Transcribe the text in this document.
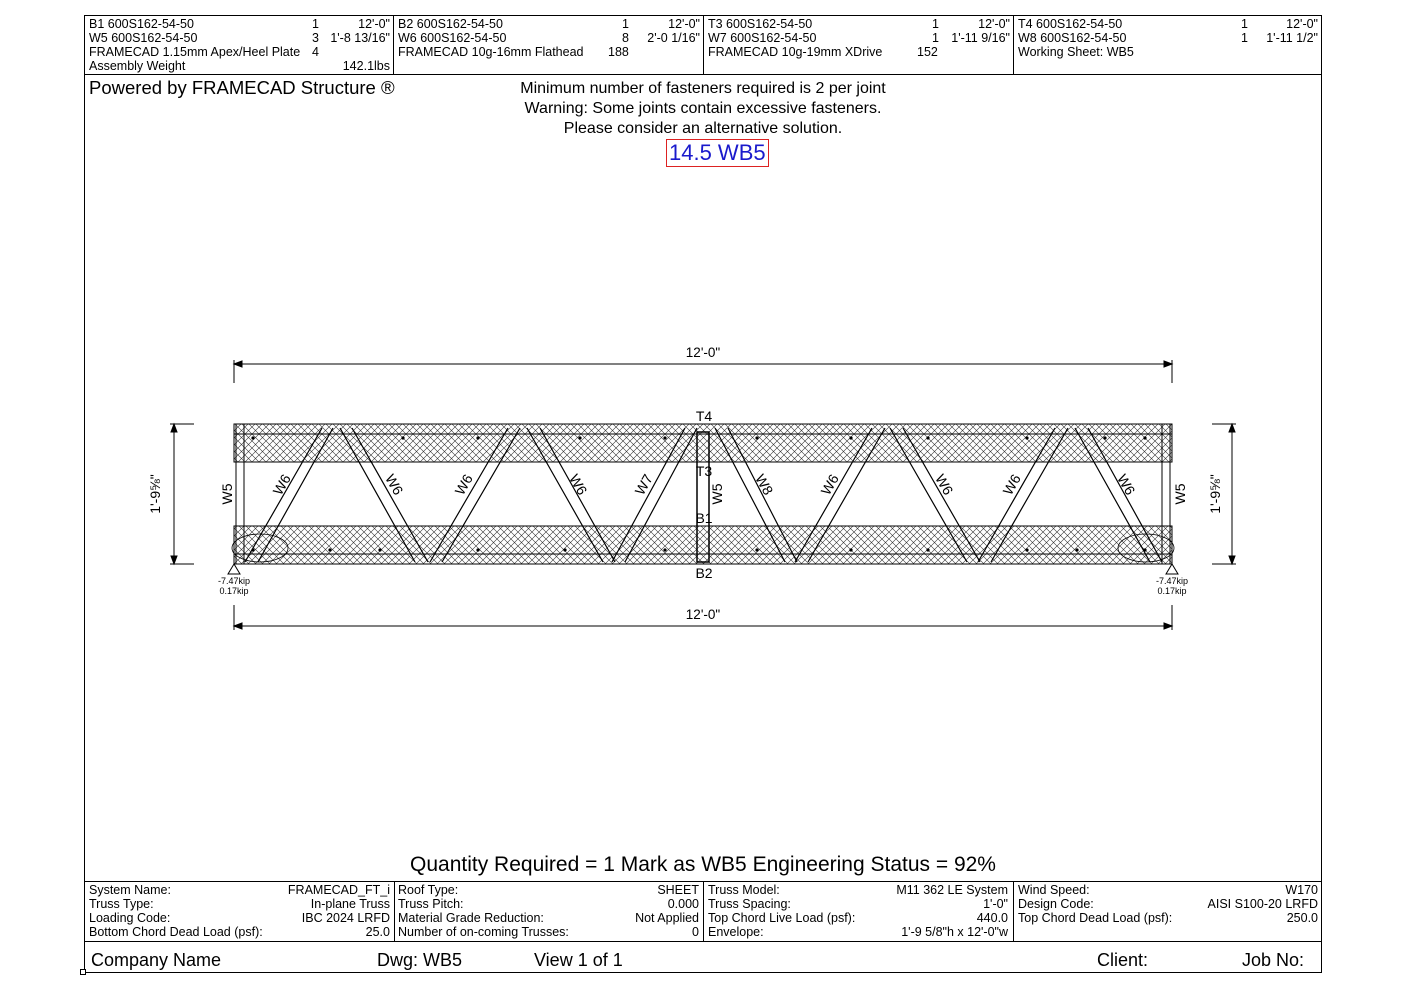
B1 600S162-54-50	1	12'-0"
W5 600S162-54-50	3 1'-8 13/16"
FRAMECAD 1.15mm Apex/Heel Plate 4
Assembly Weight	142.1lbs
B2 600S162-54-50	1	12'-0"
W6 600S162-54-50	8	2'-0 1/16"
FRAMECAD 10g-16mm Flathead 188
T3 600S162-54-50	1	12'-0"
W7 600S162-54-50	1 1'-11 9/16"
FRAMECAD 10g-19mm XDrive	152
T4 600S162-54-50	1	12'-0"
W8 600S162-54-50	1	1'-11 1/2"
Working Sheet: WB5
Powered by FRAMECAD Structure ®	Minimum number of fasteners required is 2 per joint
Warning: Some joints contain excessive fasteners.
Please consider an alternative solution.
14.5 WB5
12'-0"
12'-0"
1'-9⅝"	1'-9⅝"
T4
T3
B1
B2
W5	W5
W5
W6	W6	W6	W6	W7	W8	W6	W6	W6	W6
-7.47kip
0.17kip
-7.47kip
0.17kip
Quantity Required = 1 Mark as WB5 Engineering Status = 92%
System Name:	FRAMECAD_FT_i
Truss Type:	In-plane Truss
Loading Code:	IBC 2024 LRFD
Bottom Chord Dead Load (psf):	25.0
Roof Type:	SHEET
Truss Pitch:	0.000
Material Grade Reduction:	Not Applied
Number of on-coming Trusses:	0
Truss Model:	M11 362 LE System
Truss Spacing:	1'-0"
Top Chord Live Load (psf):	440.0
Envelope:	1'-9 5/8"h x 12'-0"w
Wind Speed:	W170
Design Code:	AISI S100-20 LRFD
Top Chord Dead Load (psf):	250.0
Company Name	Dwg: WB5	View 1 of 1	Client:	Job No:
